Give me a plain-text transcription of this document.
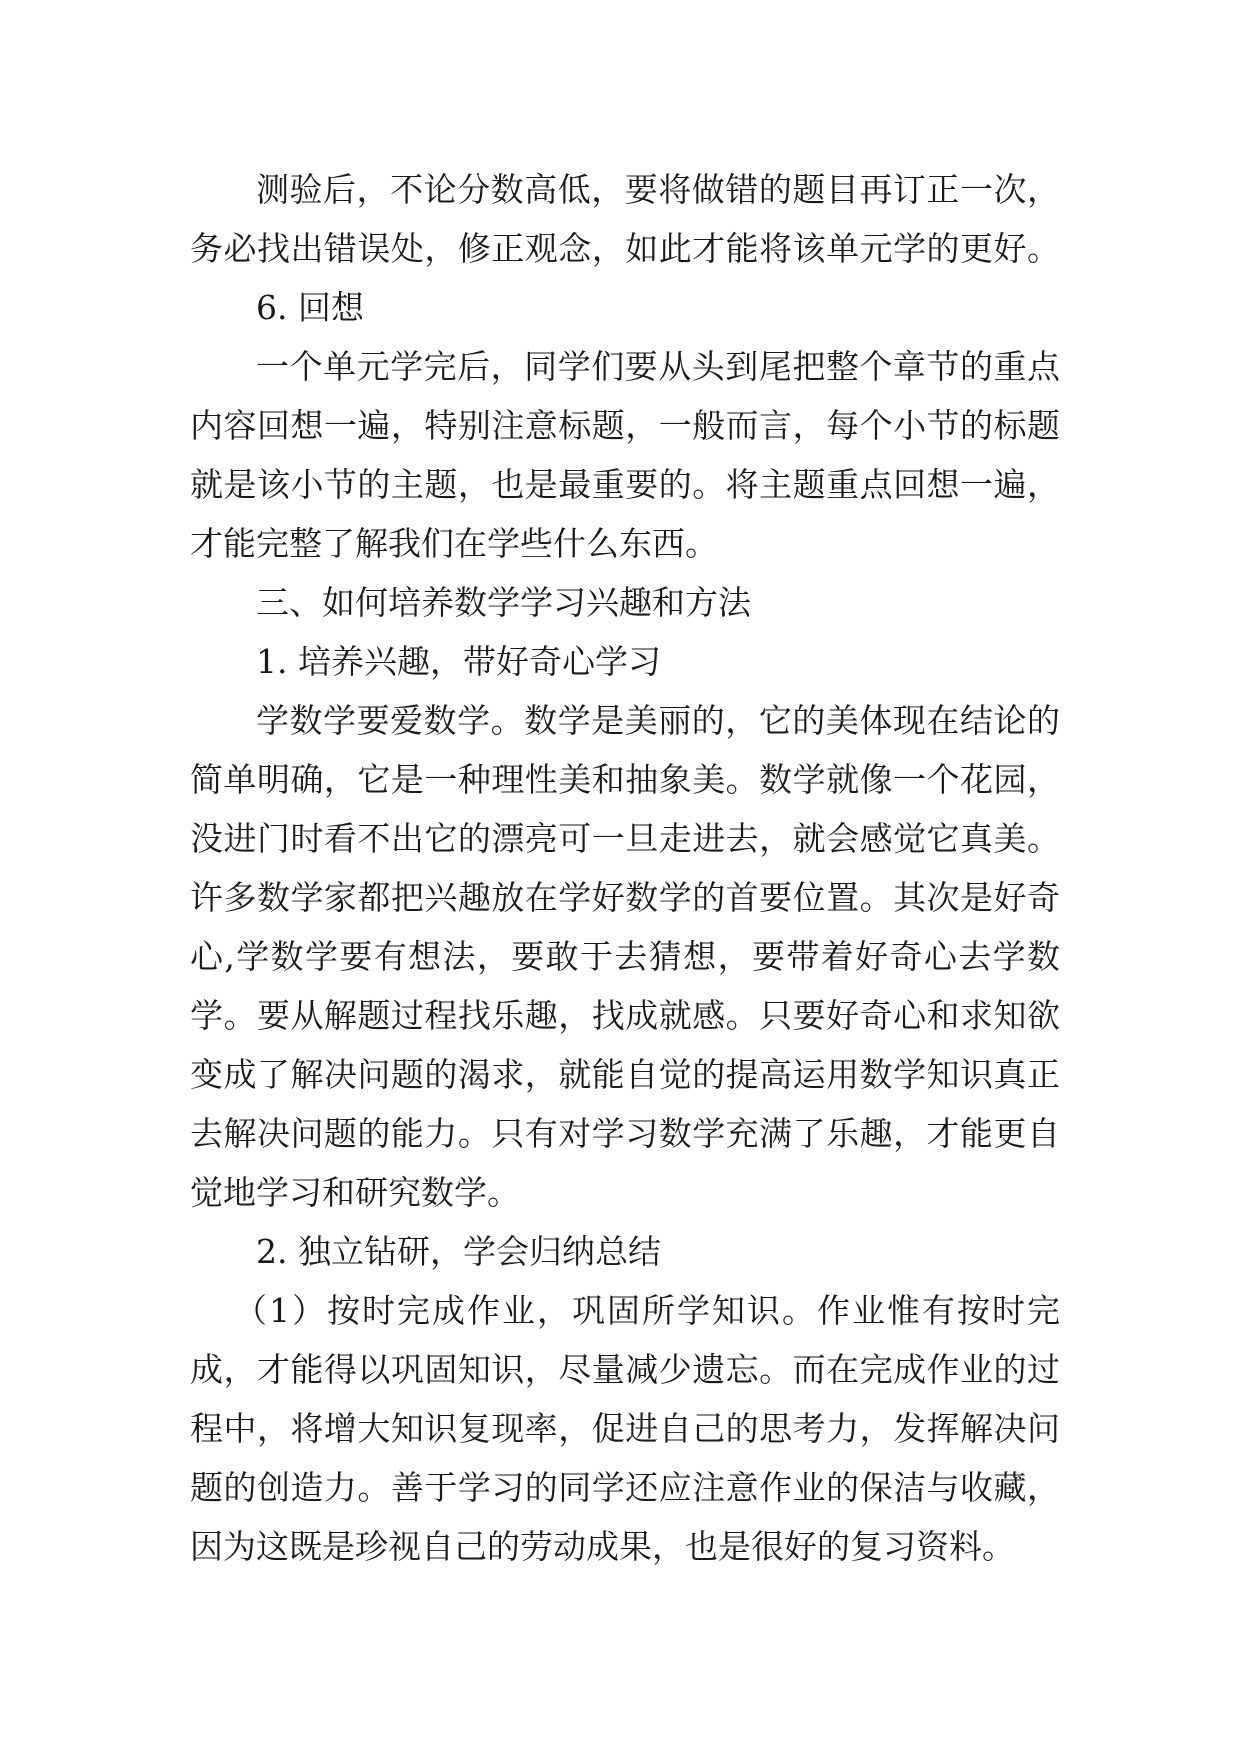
测验后，不论分数高低，要将做错的题目再订正一次，
务必找出错误处，修正观念，如此才能将该单元学的更好。
6. 回想
一个单元学完后，同学们要从头到尾把整个章节的重点
内容回想一遍，特别注意标题，一般而言，每个小节的标题
就是该小节的主题，也是最重要的。将主题重点回想一遍，
才能完整了解我们在学些什么东西。
三、如何培养数学学习兴趣和方法
1. 培养兴趣，带好奇心学习
学数学要爱数学。数学是美丽的，它的美体现在结论的
简单明确，它是一种理性美和抽象美。数学就像一个花园，
没进门时看不出它的漂亮可一旦走进去，就会感觉它真美。
许多数学家都把兴趣放在学好数学的首要位置。其次是好奇
心,学数学要有想法，要敢于去猜想，要带着好奇心去学数
学。要从解题过程找乐趣，找成就感。只要好奇心和求知欲
变成了解决问题的渴求，就能自觉的提高运用数学知识真正
去解决问题的能力。只有对学习数学充满了乐趣，才能更自
觉地学习和研究数学。
2. 独立钻研，学会归纳总结
（1）按时完成作业，巩固所学知识。作业惟有按时完
成，才能得以巩固知识，尽量减少遗忘。而在完成作业的过
程中，将增大知识复现率，促进自己的思考力，发挥解决问
题的创造力。善于学习的同学还应注意作业的保洁与收藏，
因为这既是珍视自己的劳动成果，也是很好的复习资料。
